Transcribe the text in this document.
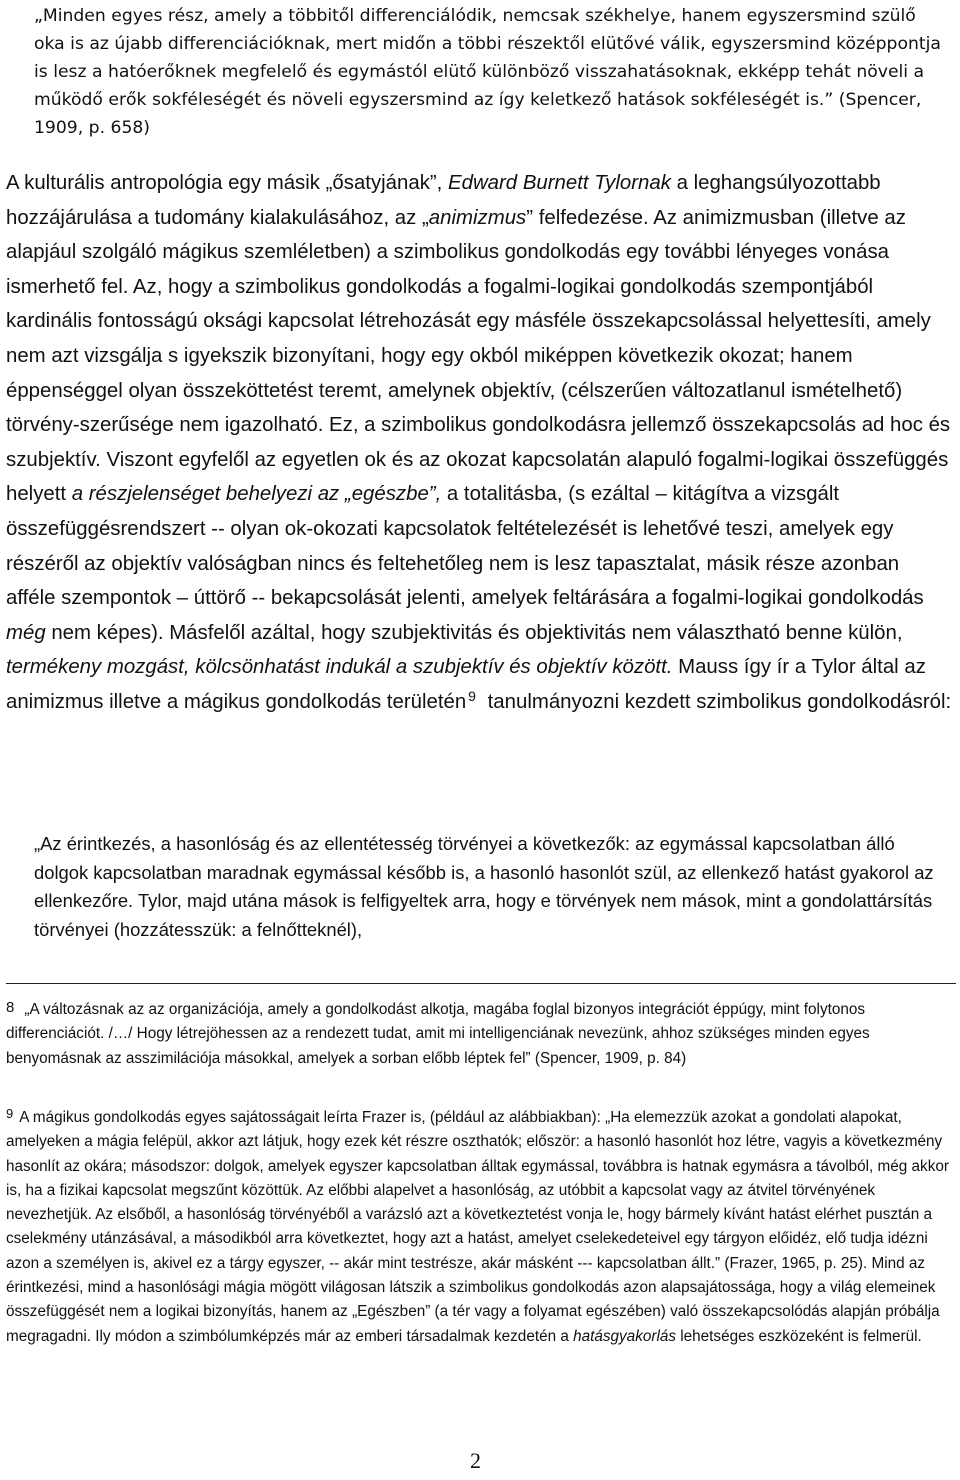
„Minden egyes rész, amely a többitől differenciálódik, nemcsak székhelye, hanem egyszersmind szülő oka is az újabb differenciációknak, mert midőn a többi részektől elütővé válik, egyszersmind középpontja is lesz a hatóerőknek megfelelő és egymástól elütő különböző visszahatásoknak, ekképp tehát növeli a működő erők sokféleségét és növeli egyszersmind az így keletkező hatások sokféleségét is.” (Spencer, 1909, p. 658)

A kulturális antropológia egy másik „ősatyjának”, Edward Burnett Tylornak a leghangsúlyozottabb hozzájárulása a tudomány kialakulásához, az „animizmus” felfedezése. Az animizmusban (illetve az alapjául szolgáló mágikus szemléletben) a szimbolikus gondolkodás egy további lényeges vonása ismerhető fel. Az, hogy a szimbolikus gondolkodás a fogalmi-logikai gondolkodás szempontjából kardinális fontosságú oksági kapcsolat létrehozását egy másféle összekapcsolással helyettesíti, amely nem azt vizsgálja s igyekszik bizonyítani, hogy egy okból miképpen következik okozat; hanem éppenséggel olyan összeköttetést teremt, amelynek objektív, (célszerűen változatlanul ismételhető) törvény-szerűsége nem igazolható. Ez, a szimbolikus gondolkodásra jellemző összekapcsolás ad hoc és szubjektív. Viszont egyfelől az egyetlen ok és az okozat kapcsolatán alapuló fogalmi-logikai összefüggés helyett a részjelenséget behelyezi az „egészbe”, a totalitásba, (s ezáltal – kitágítva a vizsgált összefüggésrendszert -- olyan ok-okozati kapcsolatok feltételezését is lehetővé teszi, amelyek egy részéről az objektív valóságban nincs és feltehetőleg nem is lesz tapasztalat, másik része azonban afféle szempontok – úttörő -- bekapcsolását jelenti, amelyek feltárására a fogalmi-logikai gondolkodás még nem képes). Másfelől azáltal, hogy szubjektivitás és objektivitás nem választható benne külön, termékeny mozgást, kölcsönhatást indukál a szubjektív és objektív között. Mauss így ír a Tylor által az animizmus illetve a mágikus gondolkodás területén $^9$ tanulmányozni kezdett szimbolikus gondolkodásról:

„Az érintkezés, a hasonlóság és az ellentétesség törvényei a következők: az egymással kapcsolatban álló dolgok kapcsolatban maradnak egymással később is, a hasonló hasonlót szül, az ellenkező hatást gyakorol az ellenkezőre. Tylor, majd utána mások is felfigyeltek arra, hogy e törvények nem mások, mint a gondolattársítás törvényei (hozzátesszük: a felnőtteknél),

$^8$ „A változásnak az az organizációja, amely a gondolkodást alkotja, magába foglal bizonyos integrációt éppúgy, mint folytonos differenciációt. /…/ Hogy létrejöhessen az a rendezett tudat, amit mi intelligenciának nevezünk, ahhoz szükséges minden egyes benyomásnak az asszimilációja másokkal, amelyek a sorban előbb léptek fel” (Spencer, 1909, p. 84)

$^9$ A mágikus gondolkodás egyes sajátosságait leírta Frazer is, (például az alábbiakban): „Ha elemezzük azokat a gondolati alapokat, amelyeken a mágia felépül, akkor azt látjuk, hogy ezek két részre oszthatók; először: a hasonló hasonlót hoz létre, vagyis a következmény hasonlít az okára; másodszor: dolgok, amelyek egyszer kapcsolatban álltak egymással, továbbra is hatnak egymásra a távolból, még akkor is, ha a fizikai kapcsolat megszűnt közöttük. Az előbbi alapelvet a hasonlóság, az utóbbit a kapcsolat vagy az átvitel törvényének nevezhetjük. Az elsőből, a hasonlóság törvényéből a varázsló azt a következtetést vonja le, hogy bármely kívánt hatást elérhet pusztán a cselekmény utánzásával, a másodikból arra következtet, hogy azt a hatást, amelyet cselekedeteivel egy tárgyon előidéz, elő tudja idézni azon a személyen is, akivel ez a tárgy egyszer, -- akár mint testrésze, akár másként --- kapcsolatban állt.” (Frazer, 1965, p. 25). Mind az érintkezési, mind a hasonlósági mágia mögött világosan látszik a szimbolikus gondolkodás azon alapsajátossága, hogy a világ elemeinek összefüggését nem a logikai bizonyítás, hanem az „Egészben” (a tér vagy a folyamat egészében) való összekapcsolódás alapján próbálja megragadni. Ily módon a szimbólumképzés már az emberi társadalmak kezdetén a hatásgyakorlás lehetséges eszközeként is felmerül.

2
